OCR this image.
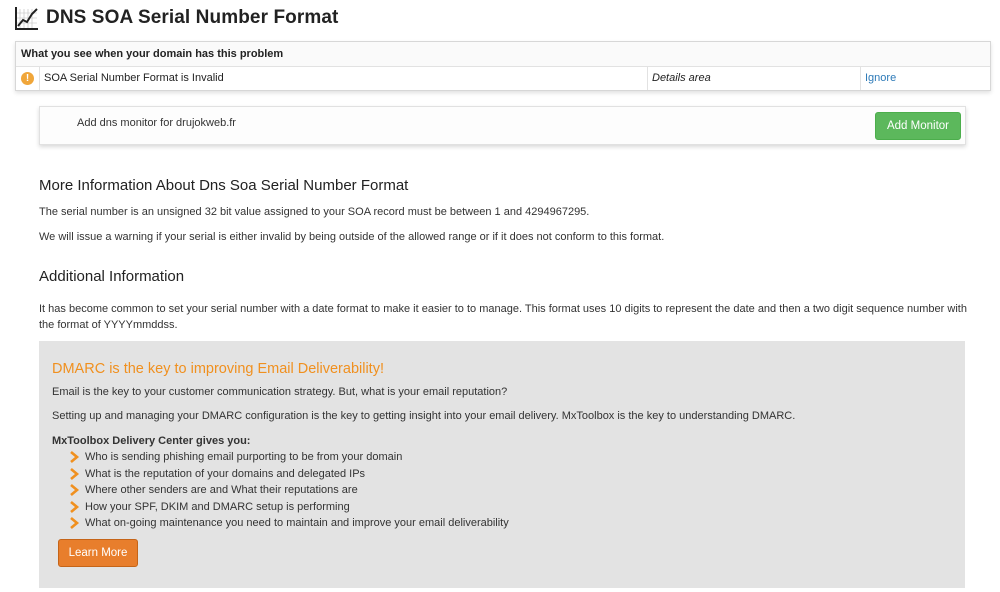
DNS SOA Serial Number Format
What you see when your domain has this problem
!	SOA Serial Number Format is Invalid	Details area	Ignore
Add dns monitor for drujokweb.fr	Add Monitor
More Information About Dns Soa Serial Number Format

The serial number is an unsigned 32 bit value assigned to your SOA record must be between 1 and 4294967295.

We will issue a warning if your serial is either invalid by being outside of the allowed range or if it does not conform to this format.

Additional Information

It has become common to set your serial number with a date format to make it easier to to manage. This format uses 10 digits to represent the date and then a two digit sequence number with the format of YYYYmmddss.

DMARC is the key to improving Email Deliverability!

Email is the key to your customer communication strategy. But, what is your email reputation?

Setting up and managing your DMARC configuration is the key to getting insight into your email delivery. MxToolbox is the key to understanding DMARC.

MxToolbox Delivery Center gives you:
Who is sending phishing email purporting to be from your domain
What is the reputation of your domains and delegated IPs
Where other senders are and What their reputations are
How your SPF, DKIM and DMARC setup is performing
What on-going maintenance you need to maintain and improve your email deliverability
Learn More
